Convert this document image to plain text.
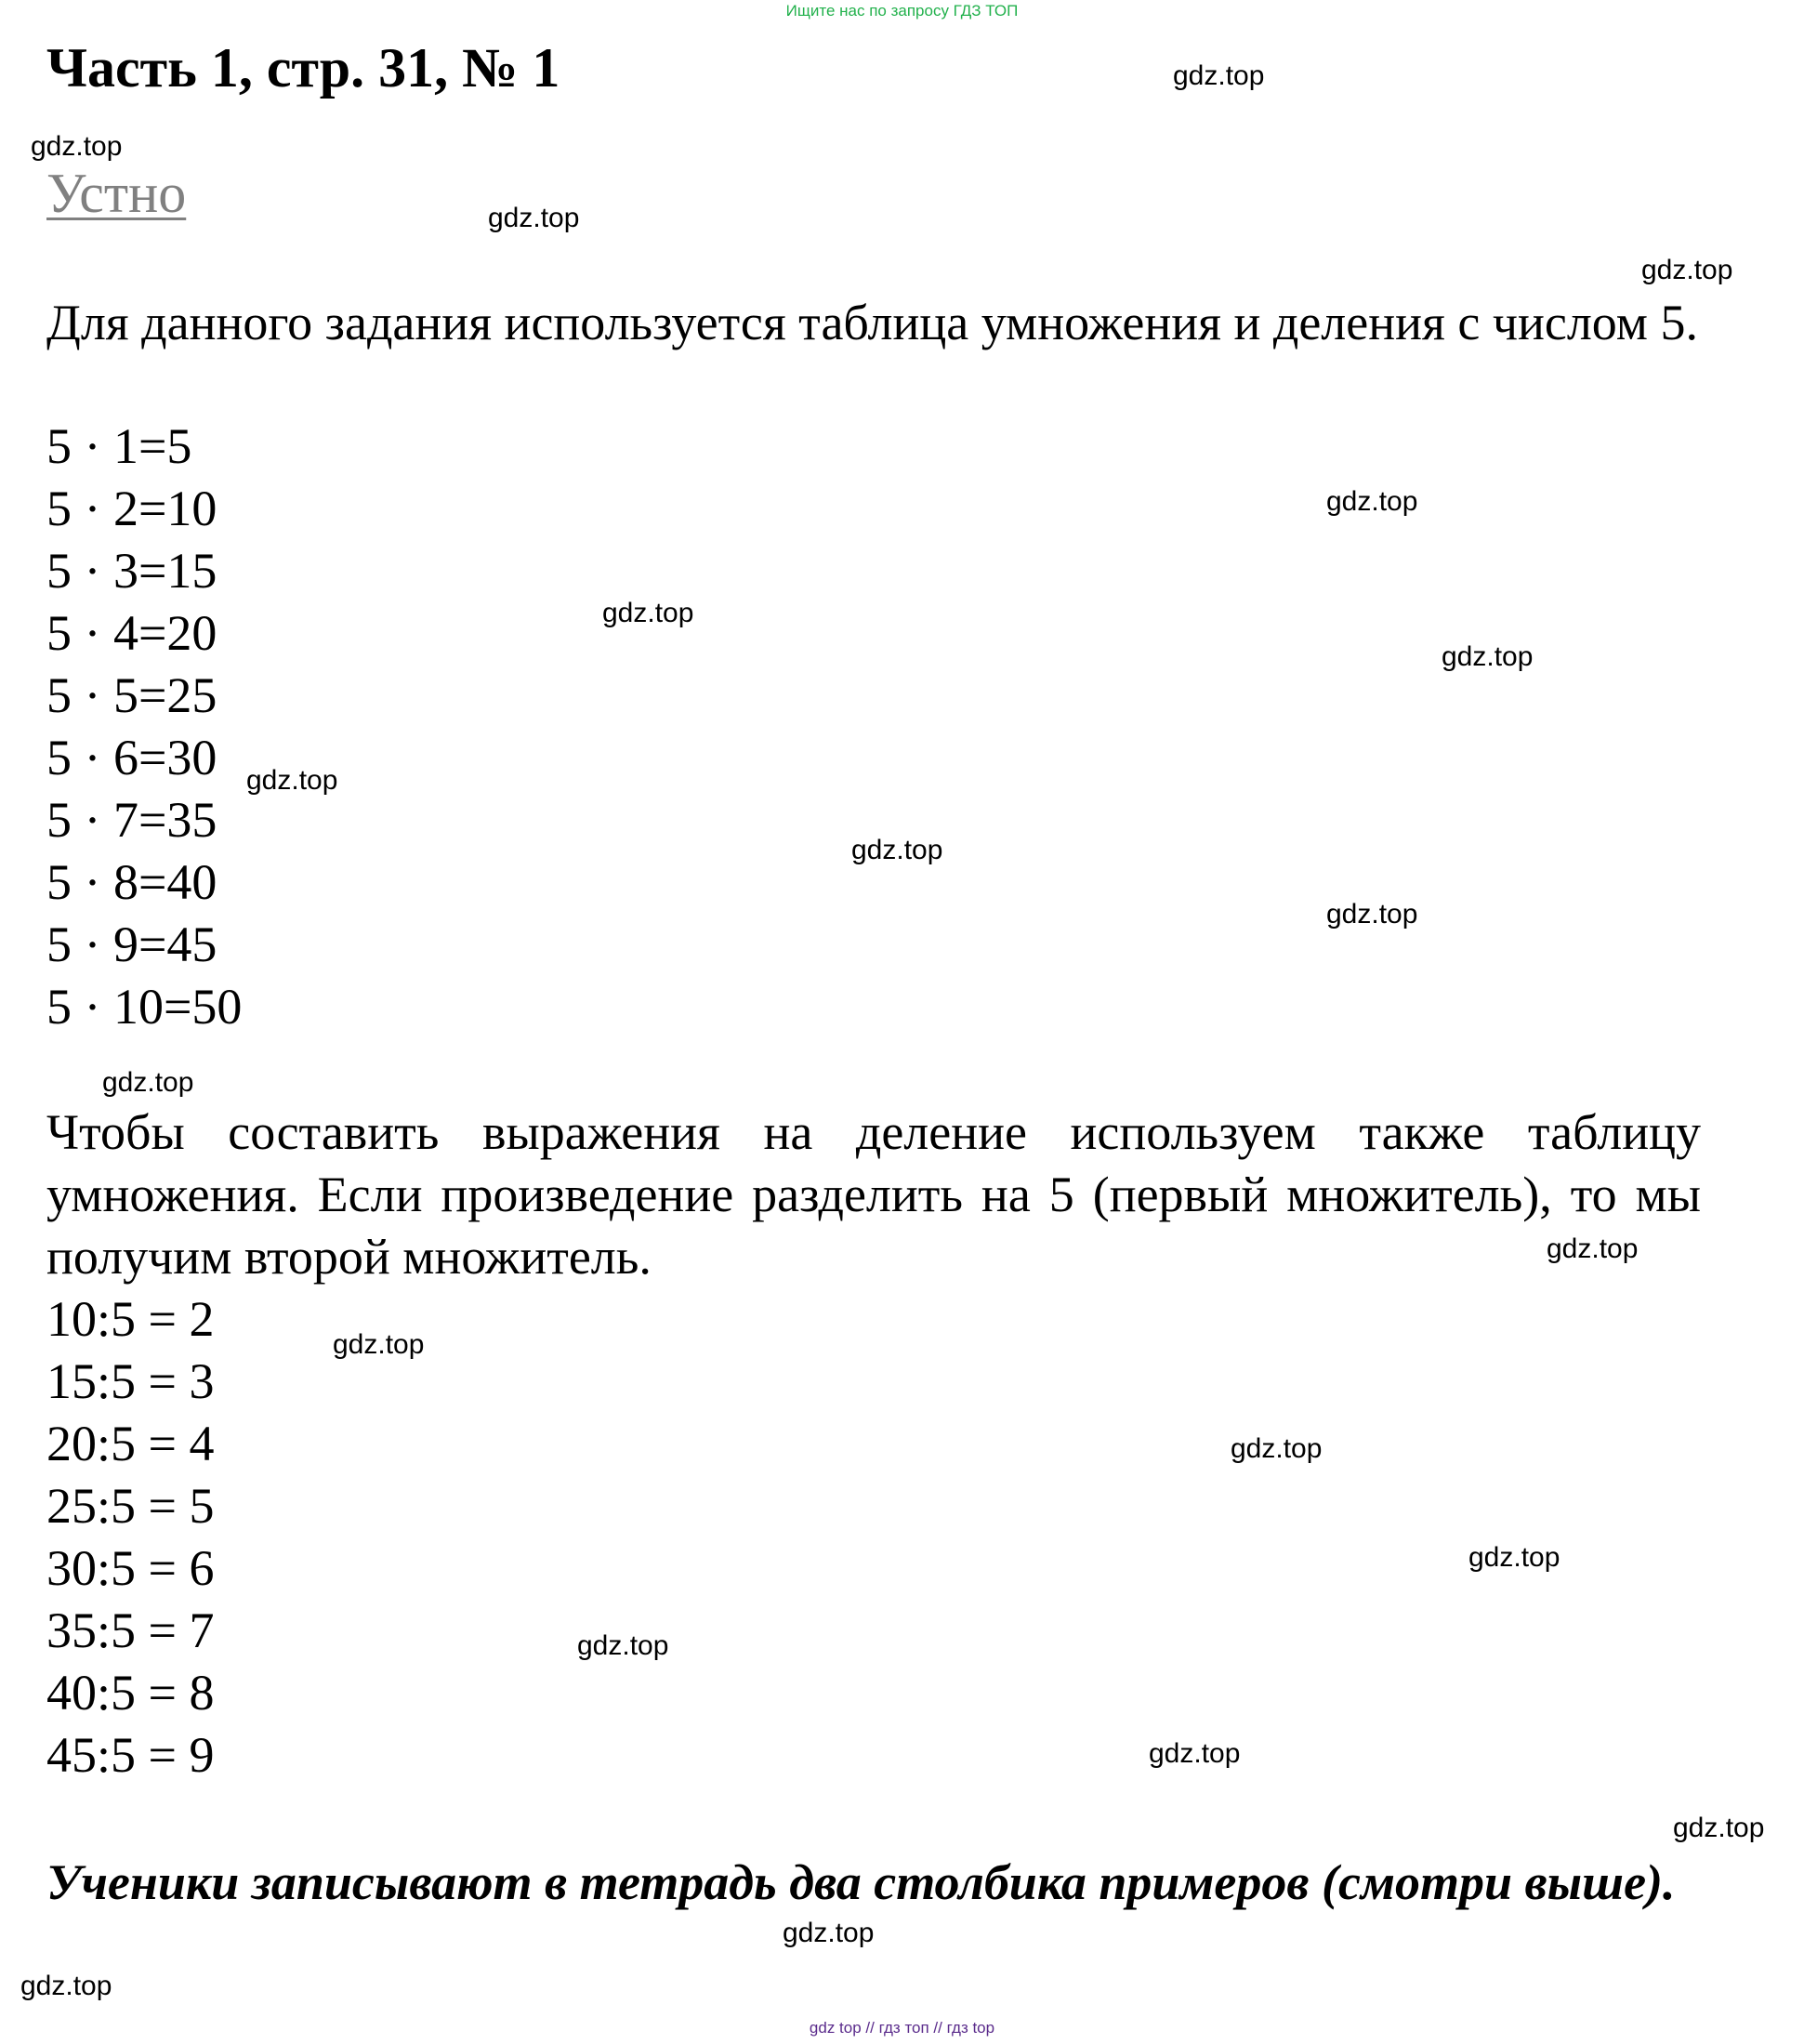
Ищите нас по запросу ГДЗ ТОП
Часть 1, стр. 31, № 1
Устно

Для данного задания используется таблица умножения и деления с числом 5.

5 · 1=5
5 · 2=10
5 · 3=15
5 · 4=20
5 · 5=25
5 · 6=30
5 · 7=35
5 · 8=40
5 · 9=45
5 · 10=50

Чтобы составить выражения на деление используем также таблицу умножения. Если произведение разделить на 5 (первый множитель), то мы получим второй множитель.

10:5 = 2
15:5 = 3
20:5 = 4
25:5 = 5
30:5 = 6
35:5 = 7
40:5 = 8
45:5 = 9

Ученики записывают в тетрадь два столбика примеров (смотри выше).

gdz.top
gdz.top
gdz.top
gdz.top
gdz.top
gdz.top
gdz.top
gdz.top
gdz.top
gdz.top
gdz.top
gdz.top
gdz.top
gdz.top
gdz.top
gdz.top
gdz.top
gdz.top
gdz.top
gdz.top
gdz top // гдз топ // гдз top
